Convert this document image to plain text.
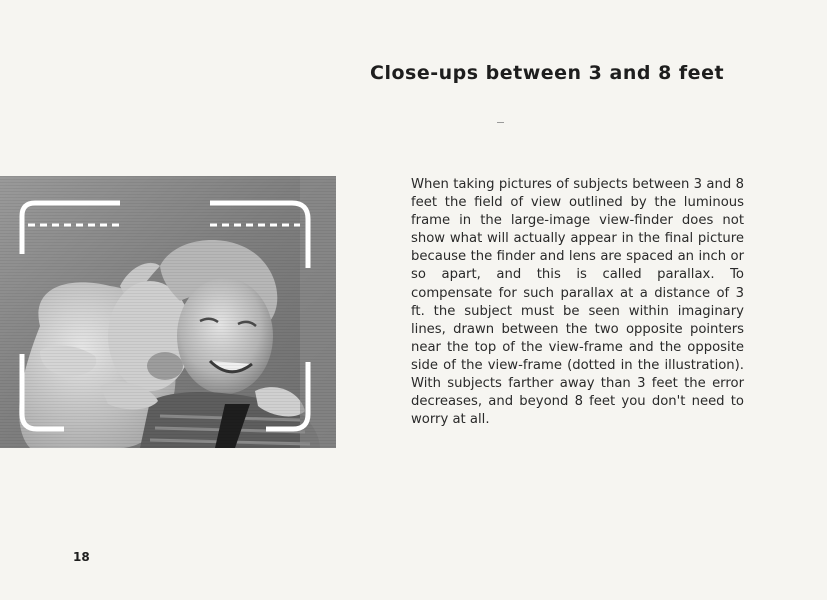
Close-ups between 3 and 8 feet

When taking pictures of subjects between 3 and 8 feet the field of view outlined by the luminous frame in the large-image view-finder does not show what will actually appear in the final picture because the finder and lens are spaced an inch or so apart, and this is called parallax. To compensate for such parallax at a distance of 3 ft. the subject must be seen within imaginary lines, drawn between the two opposite pointers near the top of the view-frame and the opposite side of the view-frame (dotted in the illustration). With subjects farther away than 3 feet the error decreases, and beyond 8 feet you don't need to worry at all.

18
